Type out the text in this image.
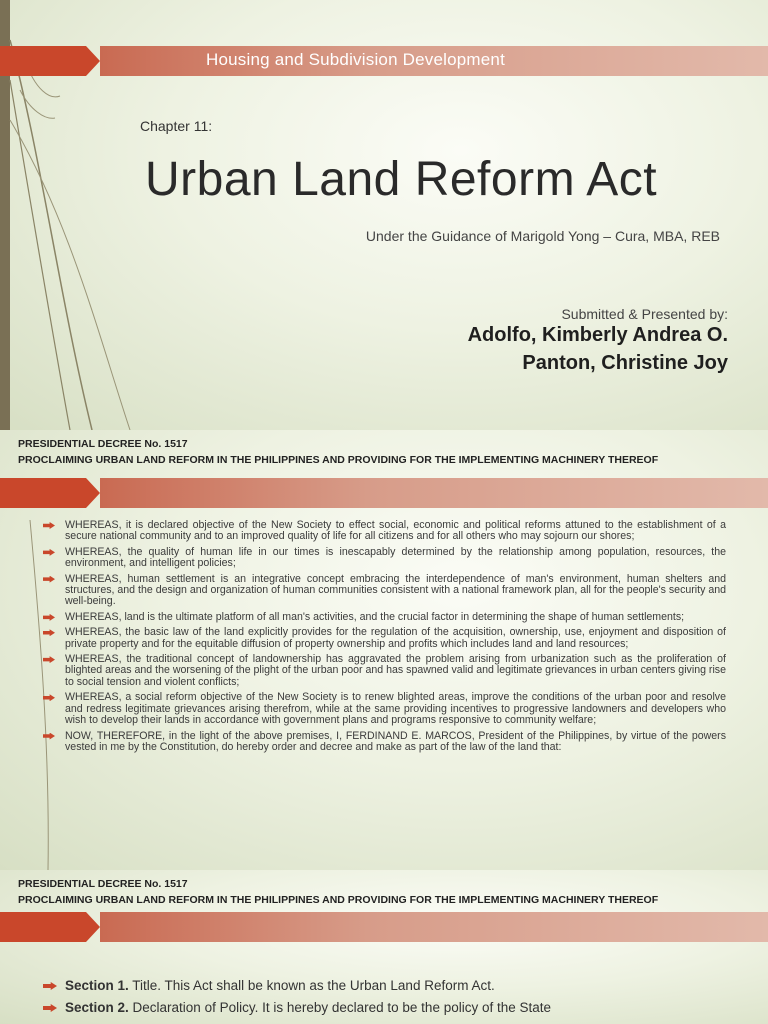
Housing and Subdivision Development
Chapter 11:
Urban Land Reform Act
Under the Guidance of Marigold Yong – Cura, MBA, REB
Submitted & Presented by:
Adolfo, Kimberly Andrea O.
Panton, Christine Joy
PRESIDENTIAL DECREE No. 1517
PROCLAIMING URBAN LAND REFORM IN THE PHILIPPINES AND PROVIDING FOR THE IMPLEMENTING MACHINERY THEREOF
WHEREAS, it is declared objective of the New Society to effect social, economic and political reforms attuned to the establishment of a secure national community and to an improved quality of life for all citizens and for all others who may sojourn our shores;
WHEREAS, the quality of human life in our times is inescapably determined by the relationship among population, resources, the environment, and intelligent policies;
WHEREAS, human settlement is an integrative concept embracing the interdependence of man's environment, human shelters and structures, and the design and organization of human communities consistent with a national framework plan, all for the people's security and well-being.
WHEREAS, land is the ultimate platform of all man's activities, and the crucial factor in determining the shape of human settlements;
WHEREAS, the basic law of the land explicitly provides for the regulation of the acquisition, ownership, use, enjoyment and disposition of private property and for the equitable diffusion of property ownership and profits which includes land and land resources;
WHEREAS, the traditional concept of landownership has aggravated the problem arising from urbanization such as the proliferation of blighted areas and the worsening of the plight of the urban poor and has spawned valid and legitimate grievances in urban centers giving rise to social tension and violent conflicts;
WHEREAS, a social reform objective of the New Society is to renew blighted areas, improve the conditions of the urban poor and resolve and redress legitimate grievances arising therefrom, while at the same providing incentives to progressive landowners and developers who wish to develop their lands in accordance with government plans and programs responsive to community welfare;
NOW, THEREFORE, in the light of the above premises, I, FERDINAND E. MARCOS, President of the Philippines, by virtue of the powers vested in me by the Constitution, do hereby order and decree and make as part of the law of the land that:
PRESIDENTIAL DECREE No. 1517
PROCLAIMING URBAN LAND REFORM IN THE PHILIPPINES AND PROVIDING FOR THE IMPLEMENTING MACHINERY THEREOF
Section 1. Title. This Act shall be known as the Urban Land Reform Act.
Section 2. Declaration of Policy. It is hereby declared to be the policy of the State
